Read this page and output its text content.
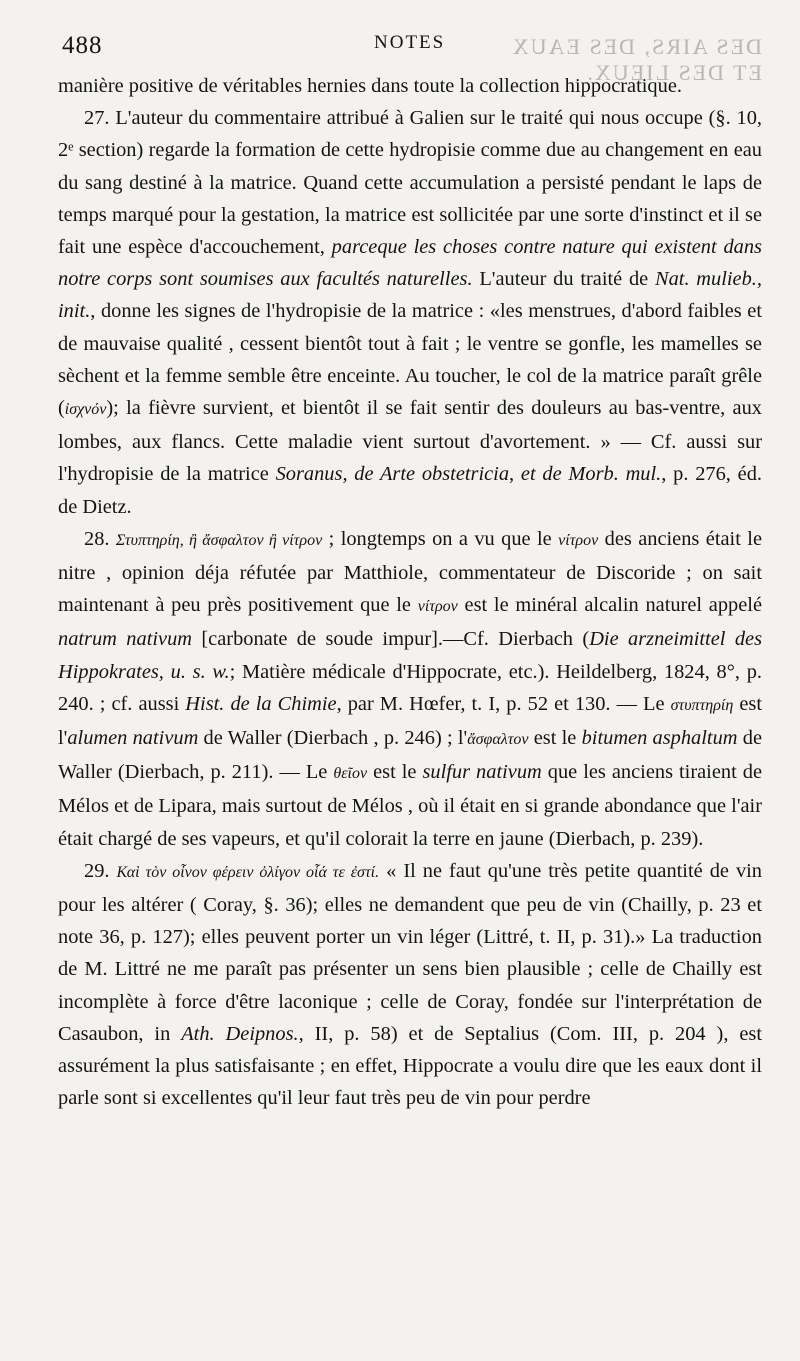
488	NOTES	DES AIRS, DES EAUX ET DES LIEUX.

manière positive de véritables hernies dans toute la collection hippocratique.

27. L'auteur du commentaire attribué à Galien sur le traité qui nous occupe (§. 10, 2ᵉ section) regarde la formation de cette hydropisie comme due au changement en eau du sang destiné à la matrice. Quand cette accumulation a persisté pendant le laps de temps marqué pour la gestation, la matrice est sollicitée par une sorte d'instinct et il se fait une espèce d'accouchement, parceque les choses contre nature qui existent dans notre corps sont soumises aux facultés naturelles. L'auteur du traité de Nat. mulieb., init., donne les signes de l'hydropisie de la matrice : «les menstrues, d'abord faibles et de mauvaise qualité , cessent bientôt tout à fait ; le ventre se gonfle, les mamelles se sèchent et la femme semble être enceinte. Au toucher, le col de la matrice paraît grêle (ἰσχνόν); la fièvre survient, et bientôt il se fait sentir des douleurs au bas-ventre, aux lombes, aux flancs. Cette maladie vient surtout d'avortement. » — Cf. aussi sur l'hydropisie de la matrice Soranus, de Arte obstetricia, et de Morb. mul., p. 276, éd. de Dietz.

28. Στυπτηρίη, ἢ ἄσφαλτον ἢ νίτρον ; longtemps on a vu que le νίτρον des anciens était le nitre , opinion déja réfutée par Matthiole, commentateur de Discoride ; on sait maintenant à peu près positivement que le νίτρον est le minéral alcalin naturel appelé natrum nativum [carbonate de soude impur].—Cf. Dierbach (Die arzneimittel des Hippokrates, u. s. w.; Matière médicale d'Hippocrate, etc.). Heildelberg, 1824, 8°, p. 240. ; cf. aussi Hist. de la Chimie, par M. Hœfer, t. I, p. 52 et 130. — Le στυπτηρίη est l'alumen nativum de Waller (Dierbach , p. 246) ; l'ἄσφαλτον est le bitumen asphaltum de Waller (Dierbach, p. 211). — Le θεῖον est le sulfur nativum que les anciens tiraient de Mélos et de Lipara, mais surtout de Mélos , où il était en si grande abondance que l'air était chargé de ses vapeurs, et qu'il colorait la terre en jaune (Dierbach, p. 239).

29. Καὶ τὸν οἶνον φέρειν ὀλίγον οἷά τε ἐστί. « Il ne faut qu'une très petite quantité de vin pour les altérer ( Coray, §. 36); elles ne demandent que peu de vin (Chailly, p. 23 et note 36, p. 127); elles peuvent porter un vin léger (Littré, t. II, p. 31).» La traduction de M. Littré ne me paraît pas présenter un sens bien plausible ; celle de Chailly est incomplète à force d'être laconique ; celle de Coray, fondée sur l'interprétation de Casaubon, in Ath. Deipnos., II, p. 58) et de Septalius (Com. III, p. 204 ), est assurément la plus satisfaisante ; en effet, Hippocrate a voulu dire que les eaux dont il parle sont si excellentes qu'il leur faut très peu de vin pour perdre
